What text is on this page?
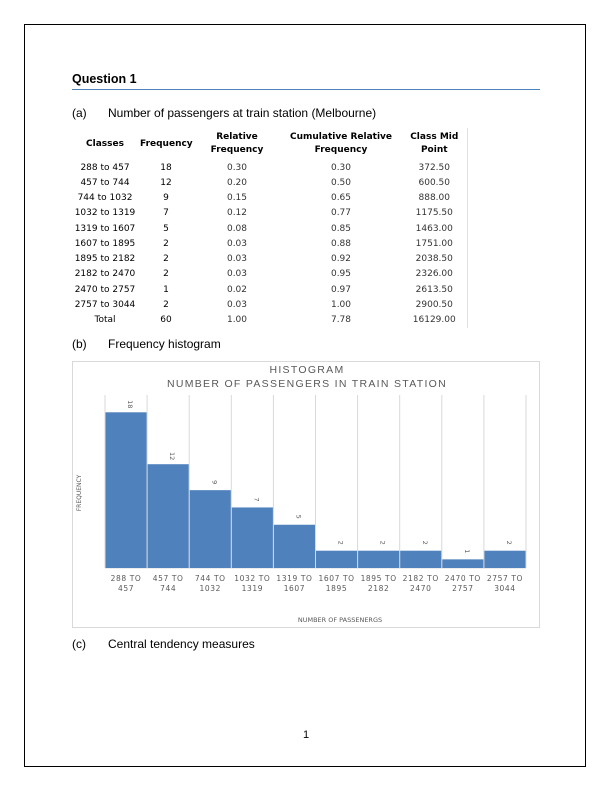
Question 1
(a) Number of passengers at train station (Melbourne)
Classes	Frequency	Relative Frequency	Cumulative Relative Frequency	Class Mid Point
288 to 457	18	0.30	0.30	372.50
457 to 744	12	0.20	0.50	600.50
744 to 1032	9	0.15	0.65	888.00
1032 to 1319	7	0.12	0.77	1175.50
1319 to 1607	5	0.08	0.85	1463.00
1607 to 1895	2	0.03	0.88	1751.00
1895 to 2182	2	0.03	0.92	2038.50
2182 to 2470	2	0.03	0.95	2326.00
2470 to 2757	1	0.02	0.97	2613.50
2757 to 3044	2	0.03	1.00	2900.50
Total	60	1.00	7.78	16129.00
(b) Frequency histogram
HISTOGRAM
NUMBER OF PASSENGERS IN TRAIN STATION
18
288 TO
457
12
457 TO
744
9
744 TO
1032
7
1032 TO
1319
5
1319 TO
1607
2
1607 TO
1895
2
1895 TO
2182
2
2182 TO
2470
1
2470 TO
2757
2
2757 TO
3044
NUMBER OF PASSENERGS
FREQUENCY
(c) Central tendency measures
1
